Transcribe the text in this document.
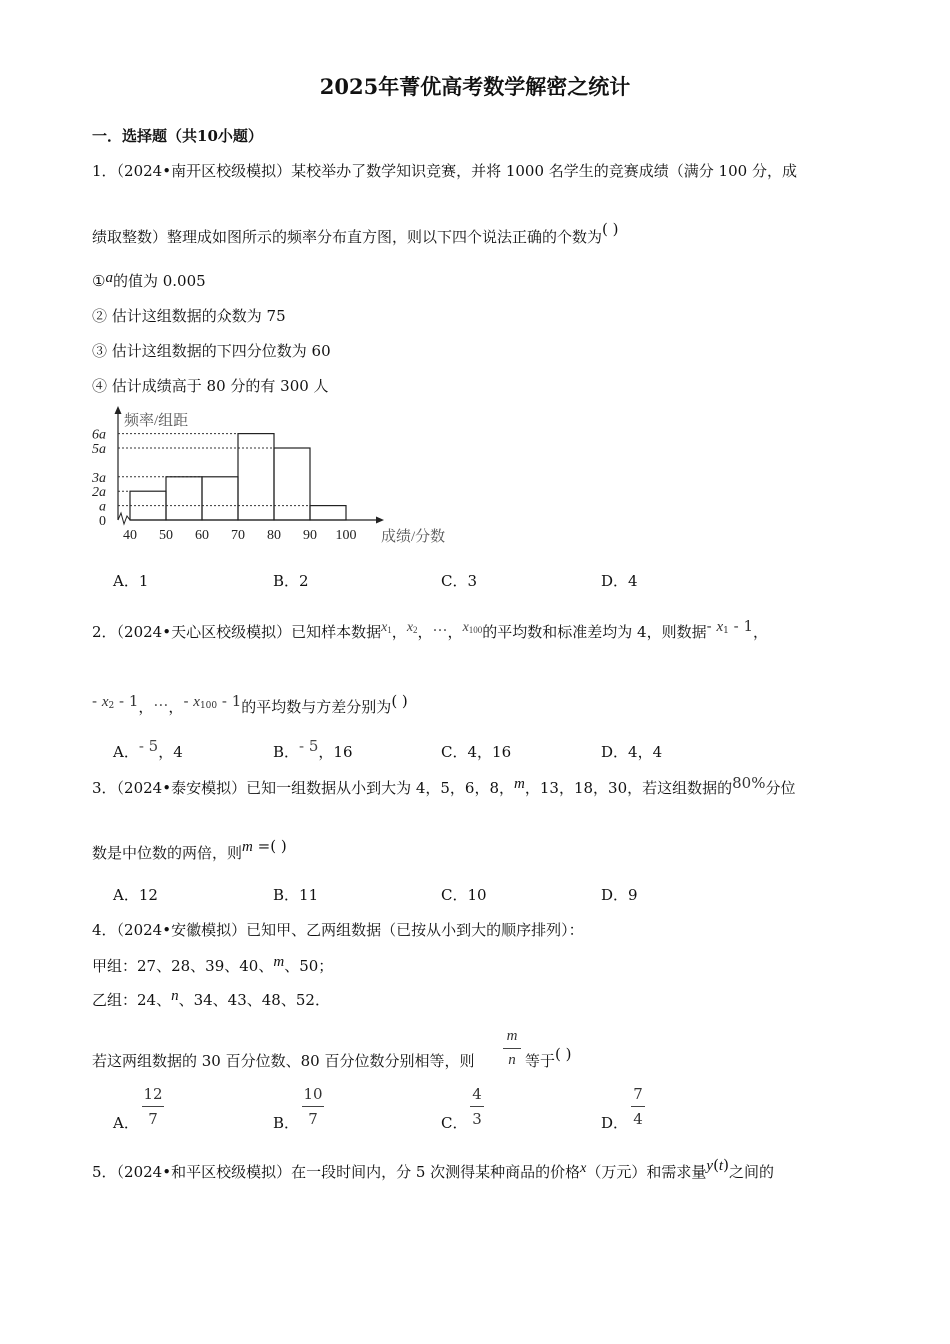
2025年菁优高考数学解密之统计
一．选择题（共10小题）
1．（2024•南开区校级模拟）某校举办了数学知识竞赛，并将 1000 名学生的竞赛成绩（满分 100 分，成
绩取整数）整理成如图所示的频率分布直方图，则以下四个说法正确的个数为( )
①a的值为 0.005
② 估计这组数据的众数为 75
③ 估计这组数据的下四分位数为 60
④ 估计成绩高于 80 分的有 300 人
0
a
2a
3a
5a
6a
40 50 60 70 80 90 100
频率/组距
成绩/分数
A．1	B．2	C．3	D．4
2．（2024•天心区校级模拟）已知样本数据$x_1$，$x_2$，…，$x_{100}$的平均数和标准差均为 4，则数据- $x_1 - 1$，
- $x_2 - 1$，…，- $x_{100} - 1$的平均数与方差分别为( )
A．- 5，4	B．- 5，16	C．4，16	D．4，4
3．（2024•泰安模拟）已知一组数据从小到大为 4，5，6，8，m，13，18，30，若这组数据的80%分位
数是中位数的两倍，则m =( )
A．12	B．11	C．10	D．9
4．（2024•安徽模拟）已知甲、乙两组数据（已按从小到大的顺序排列）：
甲组：27、28、39、40、m、50；
乙组：24、n、34、43、48、52．
若这两组数据的 30 百分位数、80 百分位数分别相等，则
m
n 等于( )
A．
12
7	B．
10
7	C．
4
3	D．
7
4
5．（2024•和平区校级模拟）在一段时间内，分 5 次测得某种商品的价格x（万元）和需求量y(t)之间的
